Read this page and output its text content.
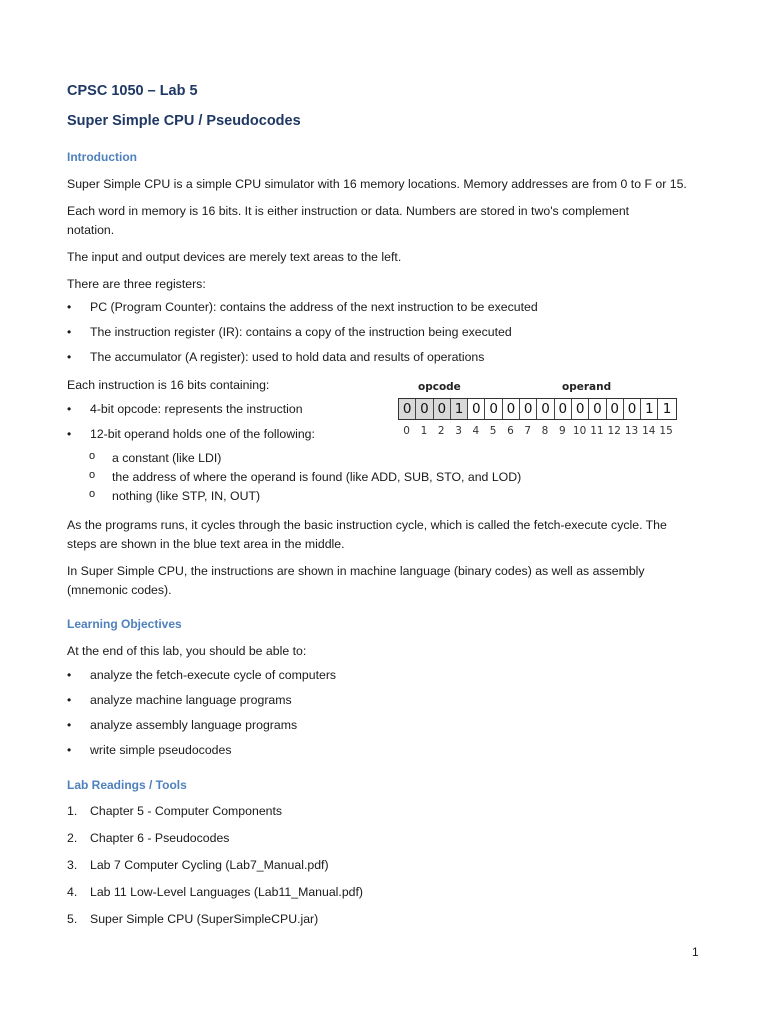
CPSC 1050 – Lab 5
Super Simple CPU / Pseudocodes
Introduction
Super Simple CPU is a simple CPU simulator with 16 memory locations. Memory addresses are from 0 to F or 15.
Each word in memory is 16 bits. It is either instruction or data. Numbers are stored in two's complement
notation.
The input and output devices are merely text areas to the left.
There are three registers:
• PC (Program Counter): contains the address of the next instruction to be executed
• The instruction register (IR): contains a copy of the instruction being executed
• The accumulator (A register): used to hold data and results of operations
Each instruction is 16 bits containing:
• 4-bit opcode: represents the instruction
• 12-bit operand holds one of the following:
o a constant (like LDI)
o the address of where the operand is found (like ADD, SUB, STO, and LOD)
o nothing (like STP, IN, OUT)
opcode	operand
0 0 0 1 0 0 0 0 0 0 0 0 0 0 1 1
0	1	2	3	4	5	6	7	8	9 10 11 12 13 14 15
As the programs runs, it cycles through the basic instruction cycle, which is called the fetch-execute cycle. The
steps are shown in the blue text area in the middle.
In Super Simple CPU, the instructions are shown in machine language (binary codes) as well as assembly
(mnemonic codes).
Learning Objectives
At the end of this lab, you should be able to:
• analyze the fetch-execute cycle of computers
• analyze machine language programs
• analyze assembly language programs
• write simple pseudocodes
Lab Readings / Tools
1. Chapter 5 - Computer Components
2. Chapter 6 - Pseudocodes
3. Lab 7 Computer Cycling (Lab7_Manual.pdf)
4. Lab 11 Low-Level Languages (Lab11_Manual.pdf)
5. Super Simple CPU (SuperSimpleCPU.jar)
1
